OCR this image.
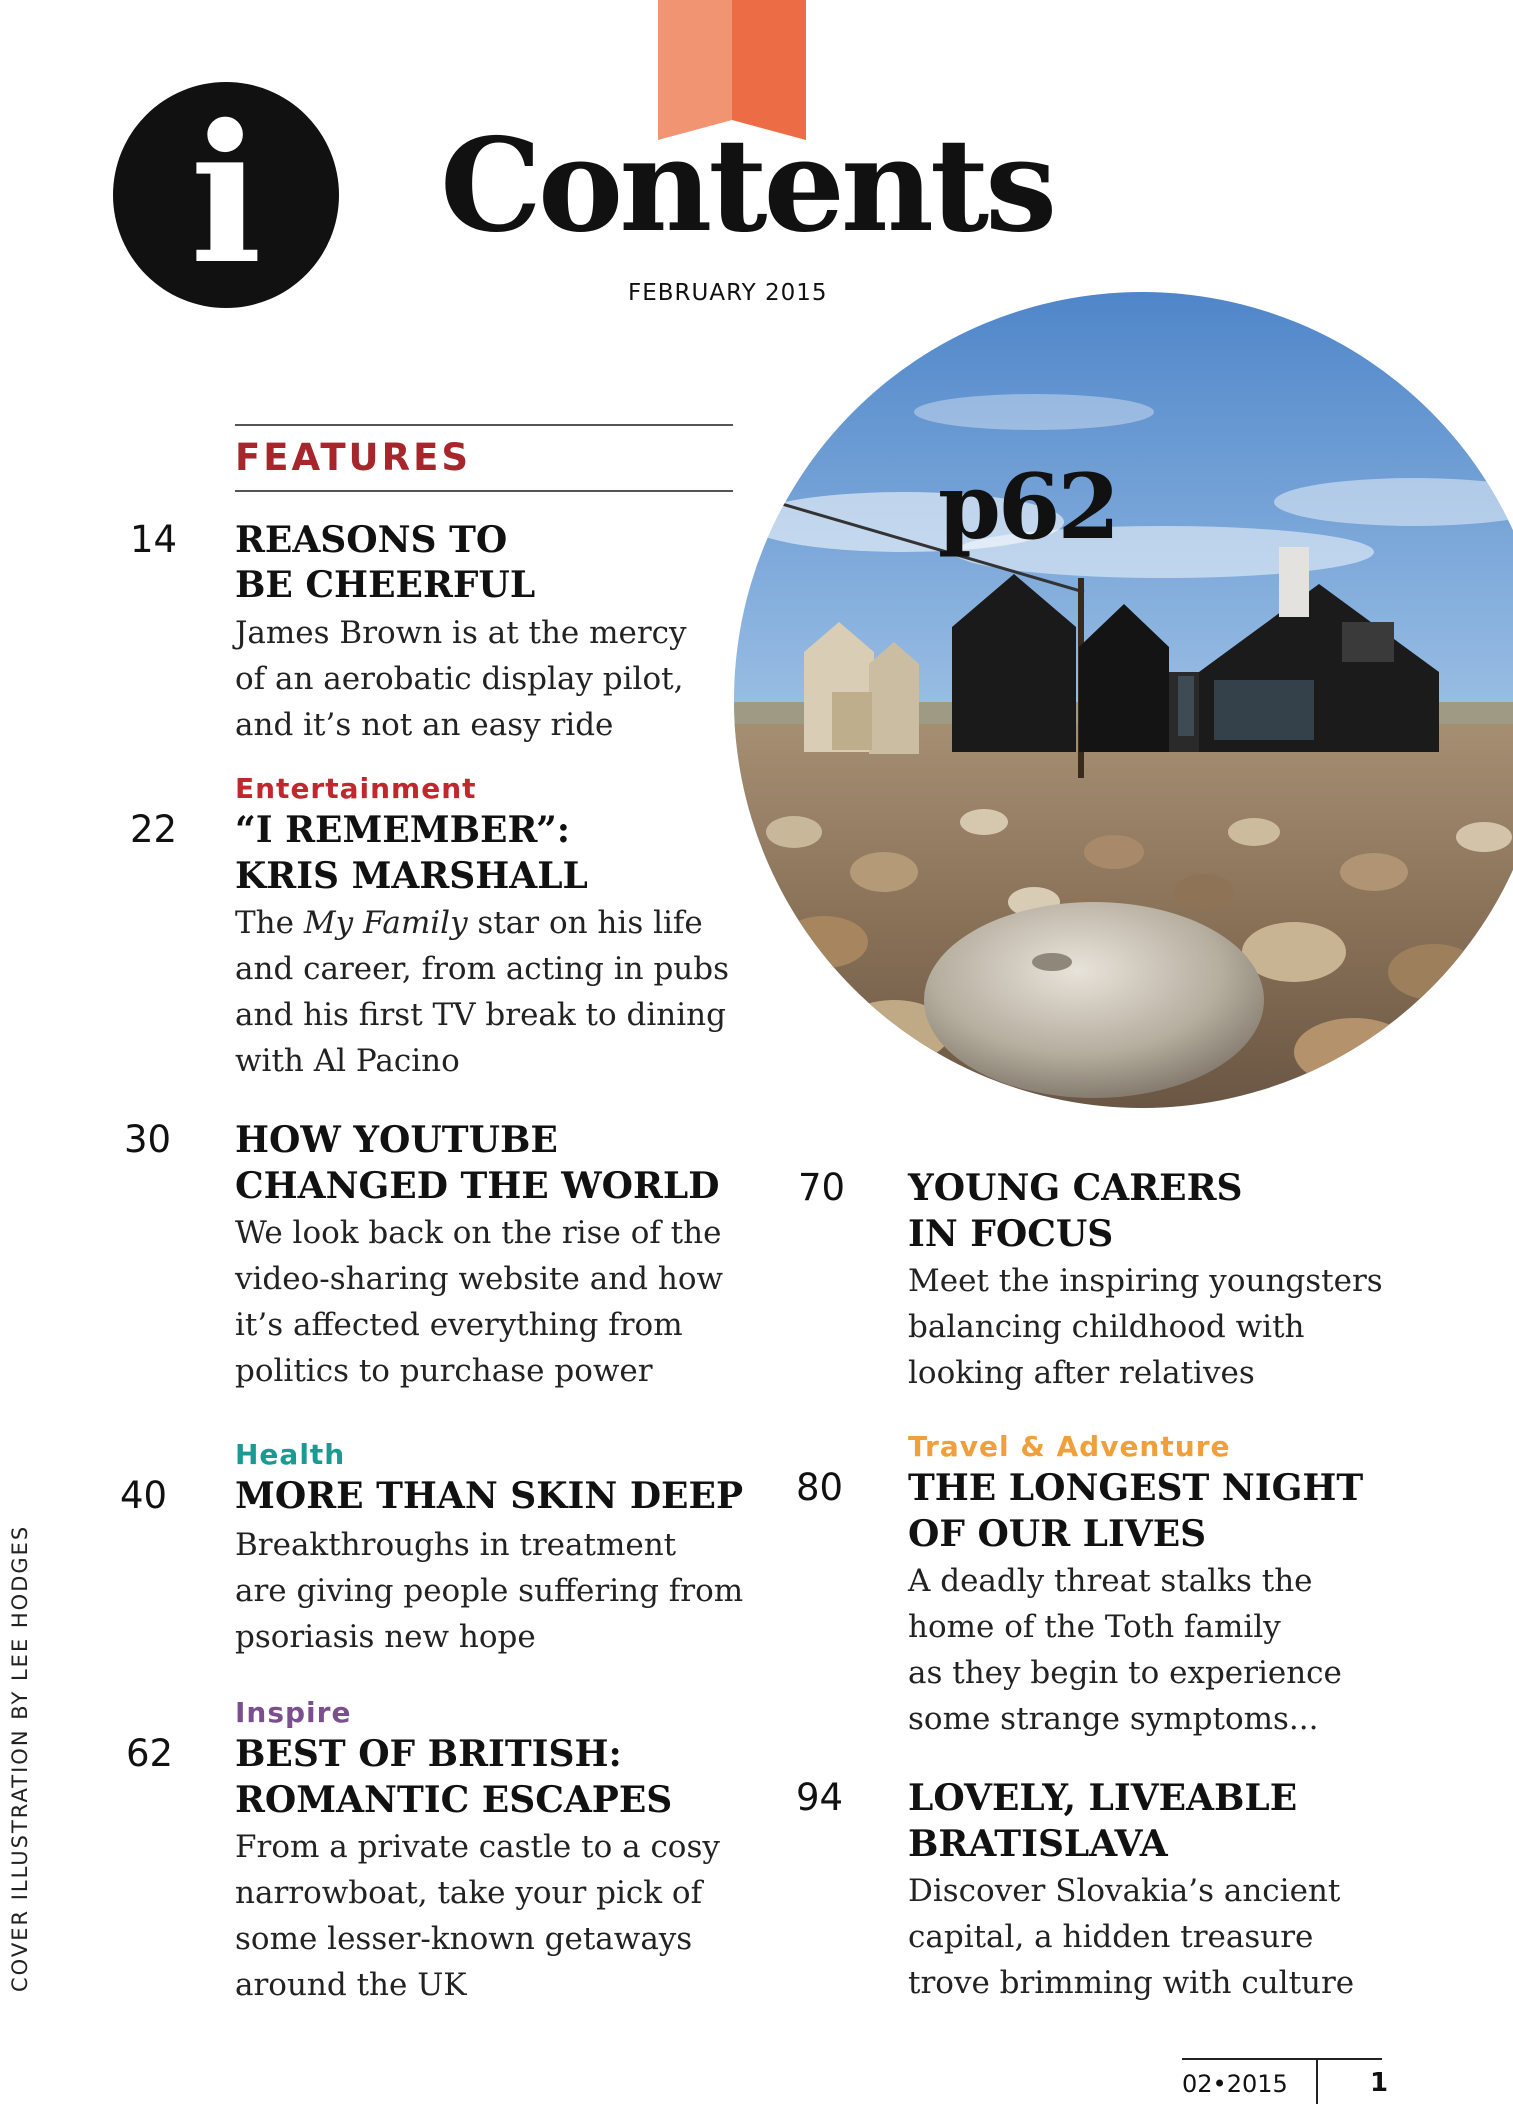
i	Contents
FEBRUARY 2015
FEATURES	p62
14 REASONS TO
BE CHEERFUL
James Brown is at the mercy
of an aerobatic display pilot,
and it’s not an easy ride
Entertainment
22 “I REMEMBER”:
KRIS MARSHALL
The My Family star on his life
and career, from acting in pubs
and his first TV break to dining
with Al Pacino
30 HOW YOUTUBE
CHANGED THE WORLD
We look back on the rise of the
video-sharing website and how
it’s affected everything from
politics to purchase power
Health
40 MORE THAN SKIN DEEP
Breakthroughs in treatment
are giving people suffering from
psoriasis new hope
Inspire
62 BEST OF BRITISH:
ROMANTIC ESCAPES
From a private castle to a cosy
narrowboat, take your pick of
some lesser-known getaways
around the UK
70 YOUNG CARERS
IN FOCUS
Meet the inspiring youngsters
balancing childhood with
looking after relatives
Travel & Adventure
80 THE LONGEST NIGHT
OF OUR LIVES
A deadly threat stalks the
home of the Toth family
as they begin to experience
some strange symptoms...
94 LOVELY, LIVEABLE
BRATISLAVA
Discover Slovakia’s ancient
capital, a hidden treasure
trove brimming with culture
COVER ILLUSTRATION BY LEE HODGES
02•2015	1
